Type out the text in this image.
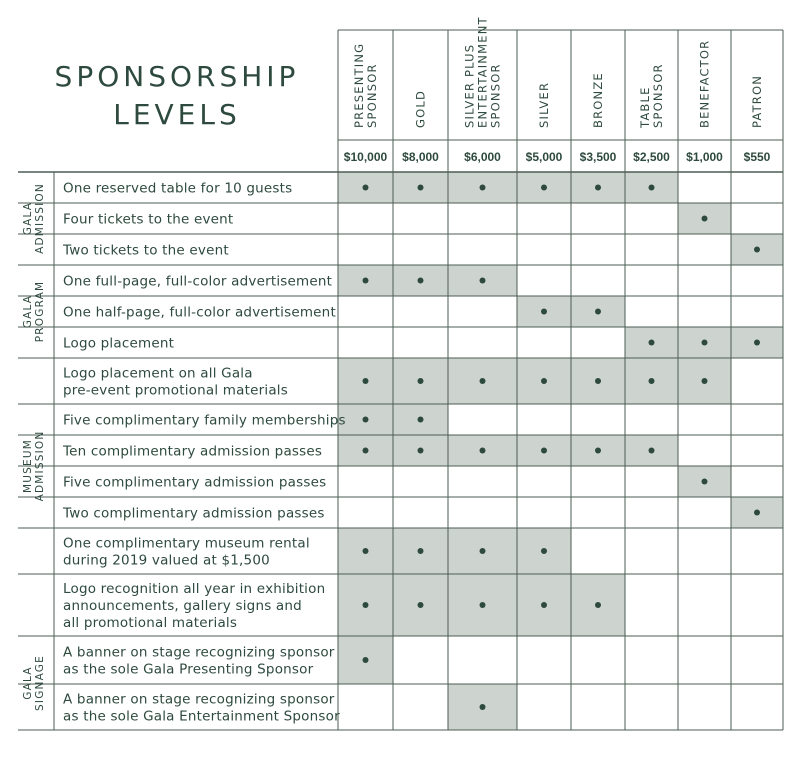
SPONSORSHIP
LEVELS	PRESENTING SPONSOR
$10,000
GOLD
$8,000
SILVER PLUS ENTERTAINMENT SPONSOR
$6,000
SILVER
$5,000
BRONZE
$3,500
TABLE SPONSOR
$2,500
BENEFACTOR
$1,000
PATRON
$550
GALA ADMISSION
GALA PROGRAM
MUSEUM ADMISSION
GALA SIGNAGE
One reserved table for 10 guests
Four tickets to the event
Two tickets to the event
One full-page, full-color advertisement
One half-page, full-color advertisement
Logo placement
Logo placement on all Gala
pre-event promotional materials
Five complimentary family memberships
Ten complimentary admission passes
Five complimentary admission passes
Two complimentary admission passes
One complimentary museum rental
during 2019 valued at $1,500
Logo recognition all year in exhibition
announcements, gallery signs and
all promotional materials
A banner on stage recognizing sponsor
as the sole Gala Presenting Sponsor
A banner on stage recognizing sponsor
as the sole Gala Entertainment Sponsor
